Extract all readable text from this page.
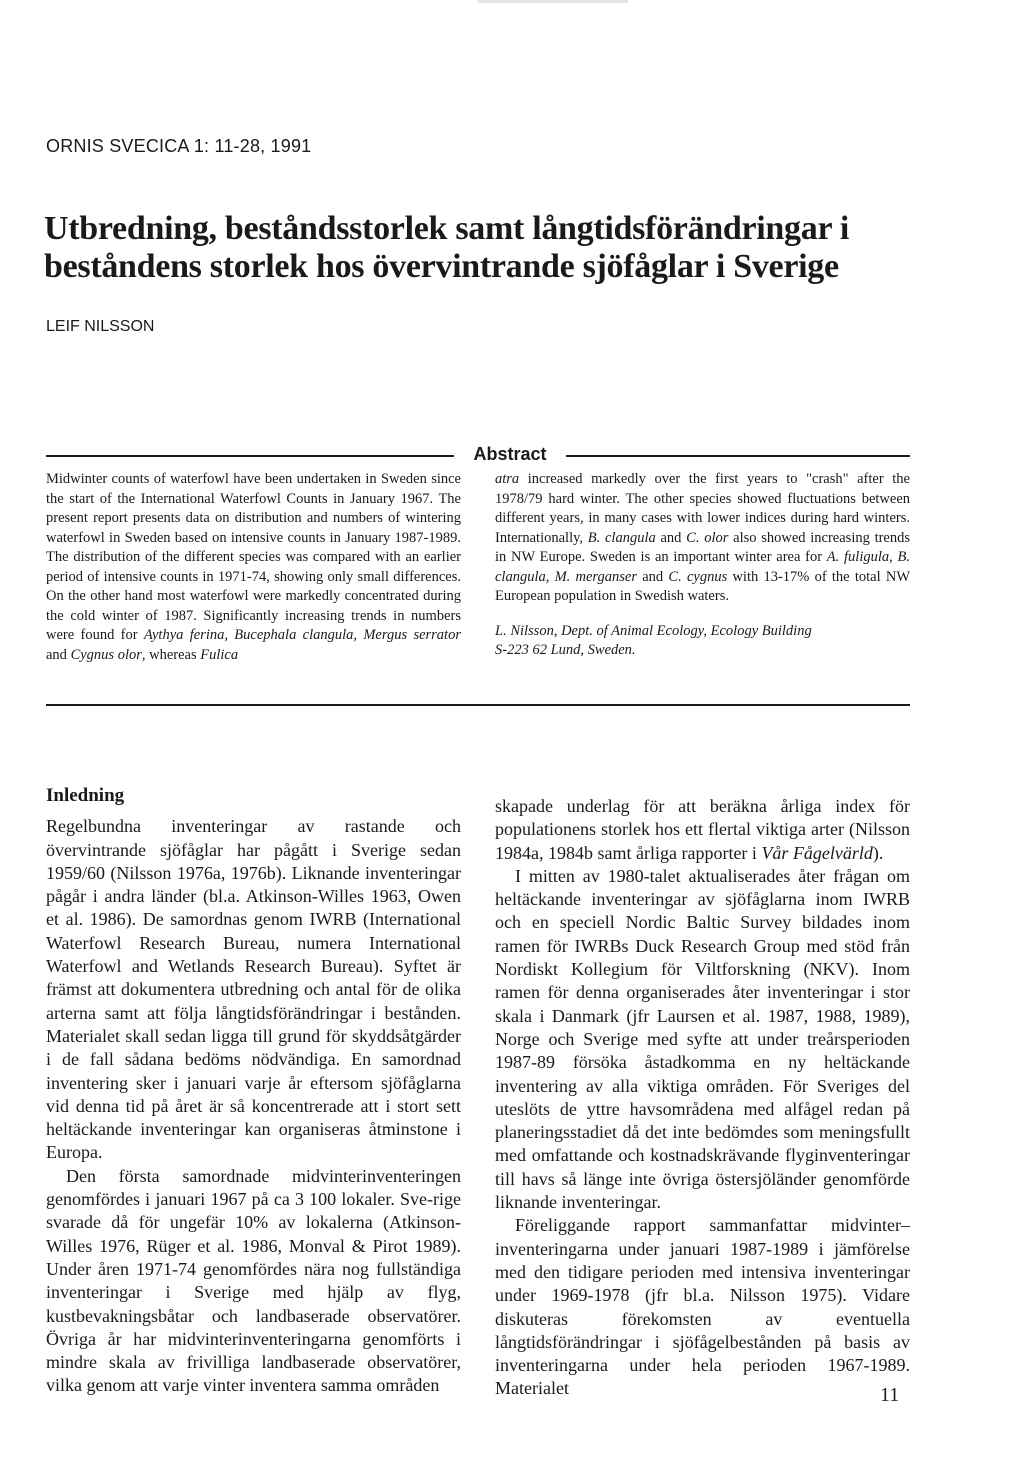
ORNIS SVECICA 1: 11-28, 1991
Utbredning, beståndsstorlek samt långtidsförändringar i beståndens storlek hos övervintrande sjöfåglar i Sverige
LEIF NILSSON
Abstract

Midwinter counts of waterfowl have been undertaken in Sweden since the start of the International Waterfowl Counts in January 1967. The present report presents data on distribution and numbers of wintering waterfowl in Sweden based on intensive counts in January 1987-1989. The distribution of the different species was compared with an earlier period of intensive counts in 1971-74, showing only small differences. On the other hand most waterfowl were markedly concentrated during the cold winter of 1987. Significantly increasing trends in numbers were found for Aythya ferina, Bucephala clangula, Mergus serrator and Cygnus olor, whereas Fulica

atra increased markedly over the first years to "crash" after the 1978/79 hard winter. The other species showed fluctuations between different years, in many cases with lower indices during hard winters. Internationally, B. clangula and C. olor also showed increasing trends in NW Europe. Sweden is an important winter area for A. fuligula, B. clangula, M. merganser and C. cygnus with 13-17% of the total NW European population in Swedish waters.

L. Nilsson, Dept. of Animal Ecology, Ecology Building
S-223 62 Lund, Sweden.

Inledning

Regelbundna inventeringar av rastande och övervintrande sjöfåglar har pågått i Sverige sedan 1959/60 (Nilsson 1976a, 1976b). Liknande inventeringar pågår i andra länder (bl.a. Atkinson-Willes 1963, Owen et al. 1986). De samordnas genom IWRB (International Waterfowl Research Bureau, numera International Waterfowl and Wetlands Research Bureau). Syftet är främst att dokumentera utbredning och antal för de olika arterna samt att följa långtidsförändringar i bestånden. Materialet skall sedan ligga till grund för skyddsåtgärder i de fall sådana bedöms nödvändiga. En samordnad inventering sker i januari varje år eftersom sjöfåglarna vid denna tid på året är så koncentrerade att i stort sett heltäckande inventeringar kan organiseras åtminstone i Europa.

Den första samordnade midvinterinventeringen genomfördes i januari 1967 på ca 3 100 lokaler. Sve-rige svarade då för ungefär 10% av lokalerna (Atkinson-Willes 1976, Rüger et al. 1986, Monval & Pirot 1989). Under åren 1971-74 genomfördes nära nog fullständiga inventeringar i Sverige med hjälp av flyg, kustbevakningsbåtar och landbaserade observatörer. Övriga år har midvinterinventeringarna genomförts i mindre skala av frivilliga landbaserade observatörer, vilka genom att varje vinter inventera samma områden

skapade underlag för att beräkna årliga index för populationens storlek hos ett flertal viktiga arter (Nilsson 1984a, 1984b samt årliga rapporter i Vår Fågelvärld).

I mitten av 1980-talet aktualiserades åter frågan om heltäckande inventeringar av sjöfåglarna inom IWRB och en speciell Nordic Baltic Survey bildades inom ramen för IWRBs Duck Research Group med stöd från Nordiskt Kollegium för Viltforskning (NKV). Inom ramen för denna organiserades åter inventeringar i stor skala i Danmark (jfr Laursen et al. 1987, 1988, 1989), Norge och Sverige med syfte att under treårsperioden 1987-89 försöka åstadkomma en ny heltäckande inventering av alla viktiga områden. För Sveriges del uteslöts de yttre havsområdena med alfågel redan på planeringsstadiet då det inte bedömdes som meningsfullt med omfattande och kostnadskrävande flyginventeringar till havs så länge inte övriga östersjöländer genomförde liknande inventeringar.

Föreliggande rapport sammanfattar midvinter–inventeringarna under januari 1987-1989 i jämförelse med den tidigare perioden med intensiva inventeringar under 1969-1978 (jfr bl.a. Nilsson 1975). Vidare diskuteras förekomsten av eventuella långtidsförändringar i sjöfågelbestånden på basis av inventeringarna under hela perioden 1967-1989. Materialet	11
